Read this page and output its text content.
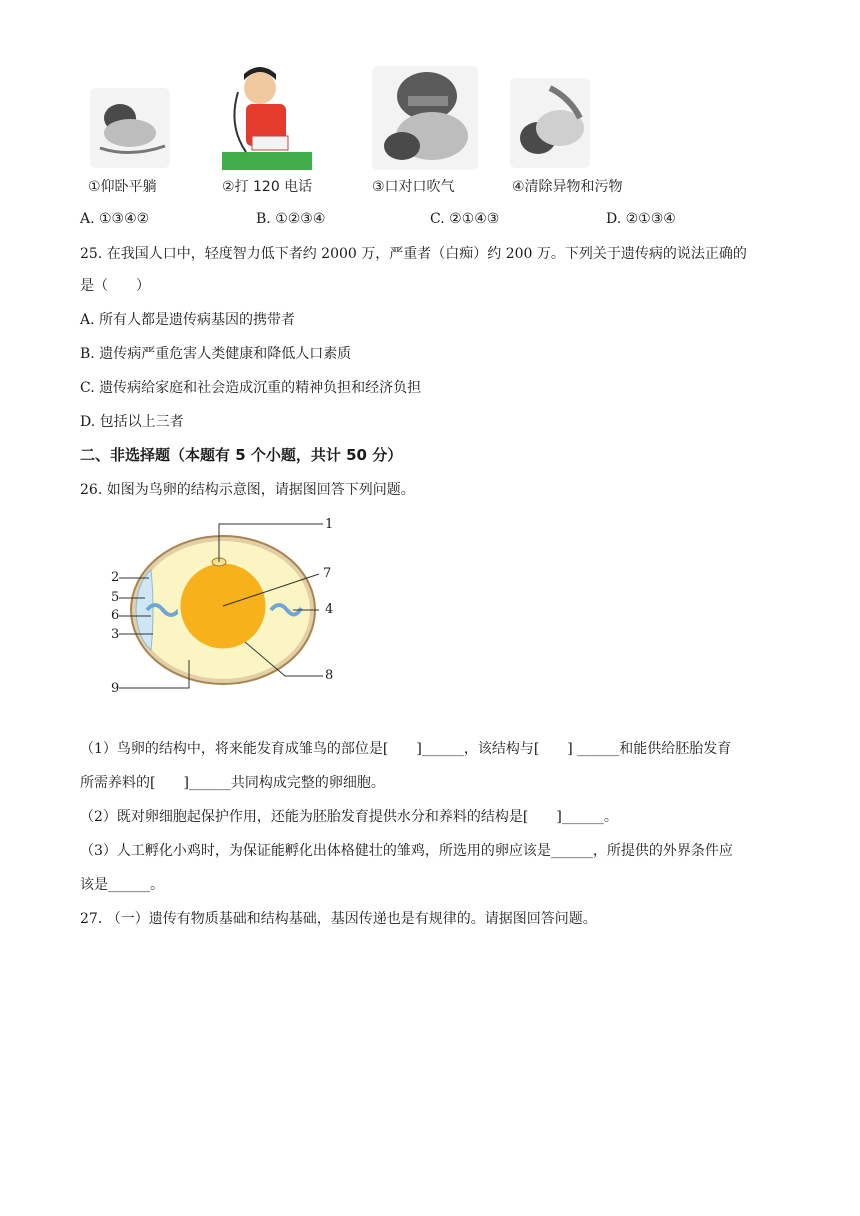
①仰卧平躺	②打 120 电话	③口对口吹气	④清除异物和污物
A. ①③④②	B. ①②③④	C. ②①④③	D. ②①③④
25. 在我国人口中，轻度智力低下者约 2000 万，严重者（白痴）约 200 万。下列关于遗传病的说法正确的
是（　　）
A. 所有人都是遗传病基因的携带者
B. 遗传病严重危害人类健康和降低人口素质
C. 遗传病给家庭和社会造成沉重的精神负担和经济负担
D. 包括以上三者
二、非选择题（本题有 5 个小题，共计 50 分）
26. 如图为鸟卵的结构示意图，请据图回答下列问题。
1
2
5
6
3
9
7
4
8
（1）鸟卵的结构中，将来能发育成雏鸟的部位是[　　]______，该结构与[　　] ______和能供给胚胎发育
所需养料的[　　]______共同构成完整的卵细胞。
（2）既对卵细胞起保护作用，还能为胚胎发育提供水分和养料的结构是[　　]______。
（3）人工孵化小鸡时，为保证能孵化出体格健壮的雏鸡，所选用的卵应该是______，所提供的外界条件应
该是______。
27. （一）遗传有物质基础和结构基础，基因传递也是有规律的。请据图回答问题。
